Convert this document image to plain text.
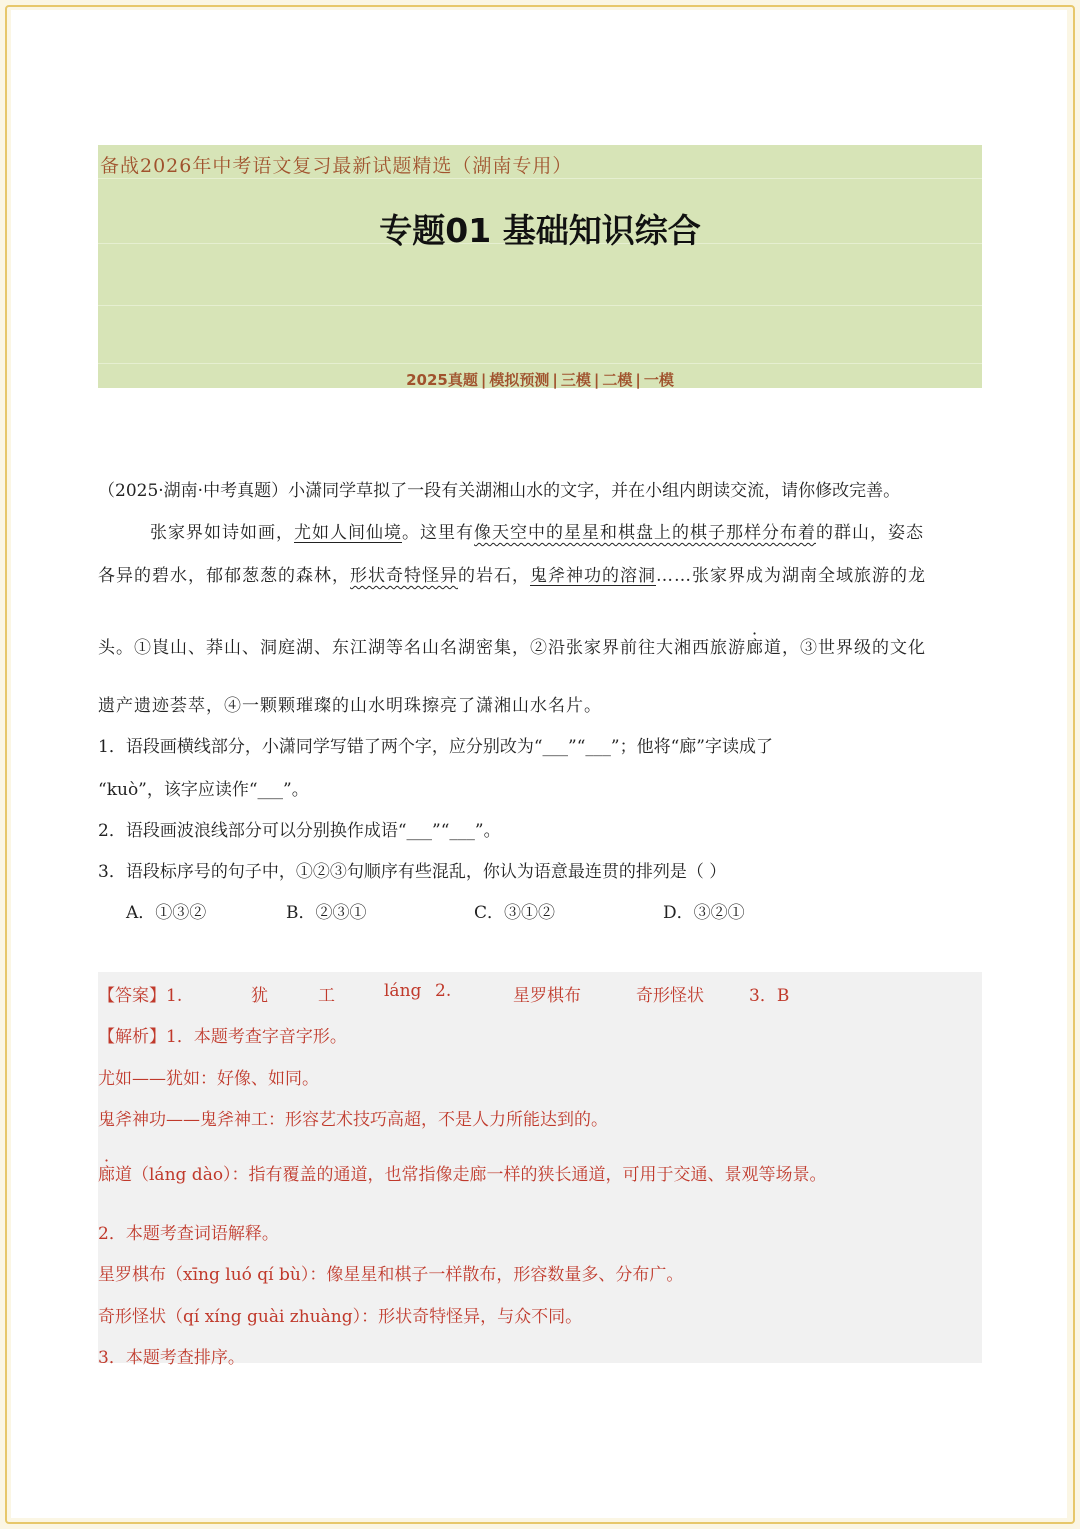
备战2026年中考语文复习最新试题精选（湖南专用）
专题01 基础知识综合
2025真题 | 模拟预测 | 三模 | 二模 | 一模
（2025·湖南·中考真题）小潇同学草拟了一段有关湖湘山水的文字，并在小组内朗读交流，请你修改完善。
张家界如诗如画，尤如人间仙境。这里有像天空中的星星和棋盘上的棋子那样分布着的群山，姿态
各异的碧水，郁郁葱葱的森林，形状奇特怪异的岩石，鬼斧神功的溶洞……张家界成为湖南全域旅游的龙
头。①崀山、莽山、洞庭湖、东江湖等名山名湖密集，②沿张家界前往大湘西旅游廊道，③世界级的文化
遗产遗迹荟萃，④一颗颗璀璨的山水明珠擦亮了潇湘山水名片。
1．语段画横线部分，小潇同学写错了两个字，应分别改为“___”“___”；他将“廊”字读成了
“kuò”，该字应读作“___”。
2．语段画波浪线部分可以分别换作成语“___”“___”。
3．语段标序号的句子中，①②③句顺序有些混乱，你认为语意最连贯的排列是（ ）
A．①③②	B．②③①	C．③①②	D．③②①
【答案】1.	犹	工	láng 2.	星罗棋布	奇形怪状	3．B
【解析】1．本题考查字音字形。
尤如——犹如：好像、如同。
鬼斧神功——鬼斧神工：形容艺术技巧高超，不是人力所能达到的。
廊道（láng dào）：指有覆盖的通道，也常指像走廊一样的狭长通道，可用于交通、景观等场景。
2．本题考查词语解释。
星罗棋布（xīng luó qí bù）：像星星和棋子一样散布，形容数量多、分布广。
奇形怪状（qí xíng guài zhuàng）：形状奇特怪异，与众不同。
3．本题考查排序。
